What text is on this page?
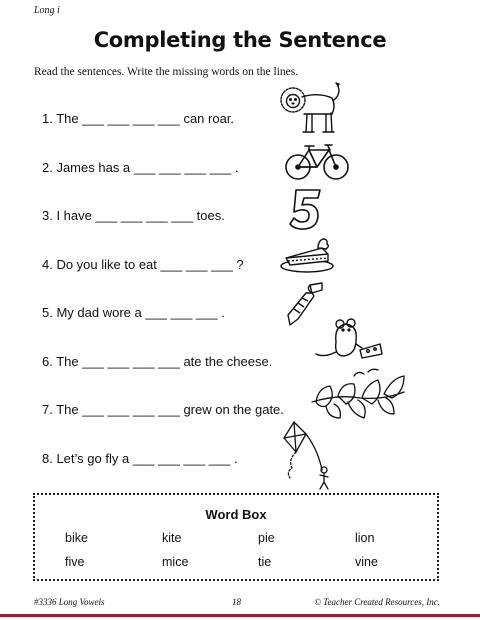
Long i
Completing the Sentence
Read the sentences. Write the missing words on the lines.
1. The ___ ___ ___ ___ can roar.
2. James has a ___ ___ ___ ___ .
3. I have ___ ___ ___ ___ toes.
4. Do you like to eat ___ ___ ___ ?
5. My dad wore a ___ ___ ___ .
6. The ___ ___ ___ ___ ate the cheese.
7. The ___ ___ ___ ___ grew on the gate.
8. Let’s go fly a ___ ___ ___ ___ .
Word Box
bike	kite	pie	lion
five	mice	tie	vine
#3336 Long Vowels	18	© Teacher Created Resources, Inc.
